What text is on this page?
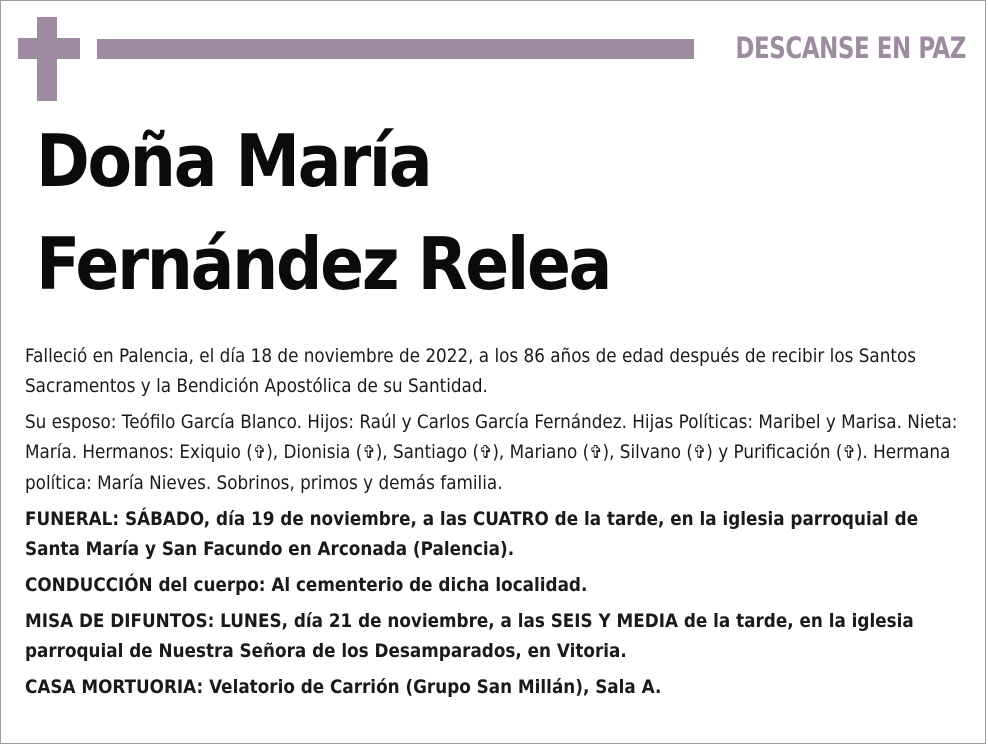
DESCANSE EN PAZ
Doña María
Fernández Relea

Falleció en Palencia, el día 18 de noviembre de 2022, a los 86 años de edad después de recibir los Santos Sacramentos y la Bendición Apostólica de su Santidad.

Su esposo: Teófilo García Blanco. Hijos: Raúl y Carlos García Fernández. Hijas Políticas: Maribel y Marisa. Nieta: María. Hermanos: Exiquio (✞), Dionisia (✞), Santiago (✞), Mariano (✞), Silvano (✞) y Purificación (✞). Hermana política: María Nieves. Sobrinos, primos y demás familia.

FUNERAL: SÁBADO, día 19 de noviembre, a las CUATRO de la tarde, en la iglesia parroquial de Santa María y San Facundo en Arconada (Palencia).

CONDUCCIÓN del cuerpo: Al cementerio de dicha localidad.

MISA DE DIFUNTOS: LUNES, día 21 de noviembre, a las SEIS Y MEDIA de la tarde, en la iglesia parroquial de Nuestra Señora de los Desamparados, en Vitoria.

CASA MORTUORIA: Velatorio de Carrión (Grupo San Millán), Sala A.
